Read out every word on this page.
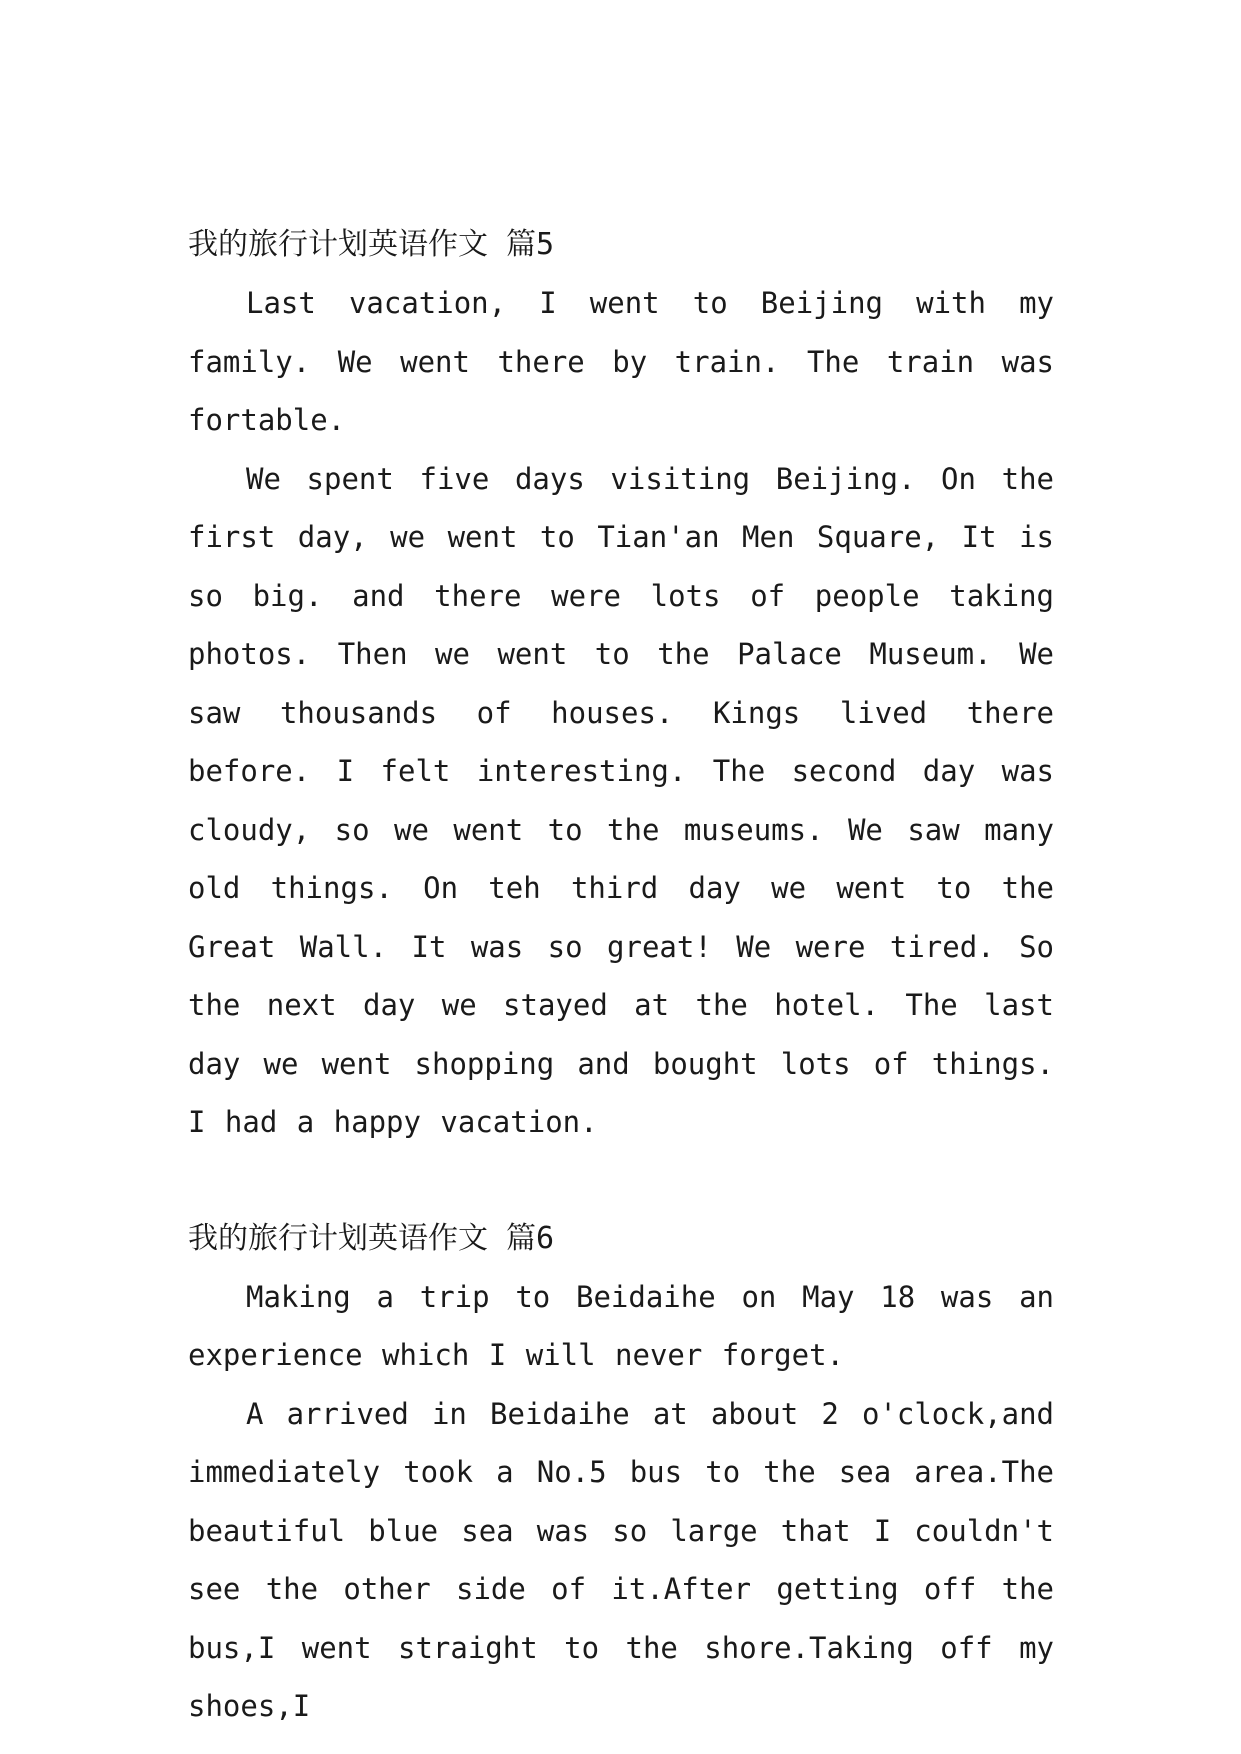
我的旅行计划英语作文 篇5

Last vacation, I went to Beijing with my family. We went there by train. The train was fortable.

We spent five days visiting Beijing. On the first day, we went to Tian'an Men Square, It is so big. and there were lots of people taking photos. Then we went to the Palace Museum. We saw thousands of houses. Kings lived there before. I felt interesting. The second day was cloudy, so we went to the museums. We saw many old things. On teh third day we went to the Great Wall. It was so great! We were tired. So the next day we stayed at the hotel. The last day we went shopping and bought lots of things. I had a happy vacation.

我的旅行计划英语作文 篇6

Making a trip to Beidaihe on May 18 was an experience which I will never forget.

A arrived in Beidaihe at about 2 o'clock,and immediately took a No.5 bus to the sea area.The beautiful blue sea was so large that I couldn't see the other side of it.After getting off the bus,I went straight to the shore.Taking off my shoes,I
